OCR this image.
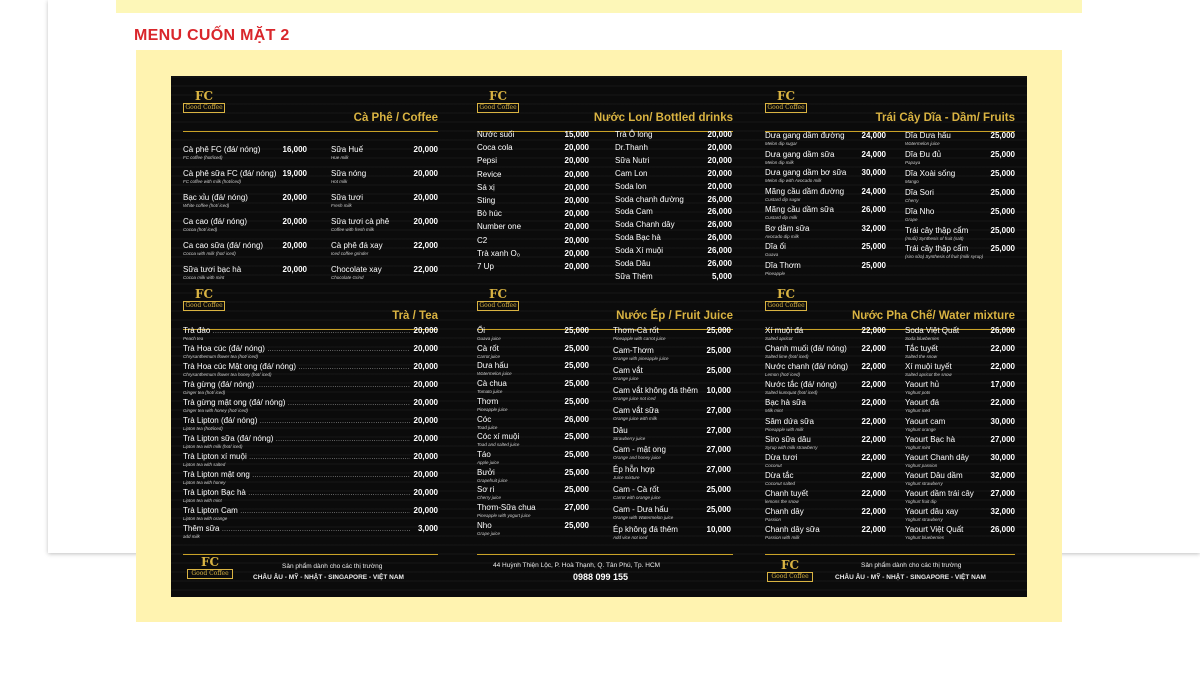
MENU CUỐN MẶT 2
FC
Good Coffee
Cà Phê / Coffee
Cà phê FC (đá/ nóng)	16,000
FC coffee (hot/iced)
Cà phê sữa FC (đá/ nóng) 19,000
FC coffee with milk (hot/iced)
Bạc xỉu (đá/ nóng)	20,000
White coffee (hot/ iced)
Ca cao (đá/ nóng)	20,000
Cocoa (hot/ iced)
Ca cao sữa (đá/ nóng) 20,000
Cocoa with milk (hot/ iced)
Sữa tươi bạc hà	20,000
Cocoa milk with mint
Sữa Huế	20,000
Hue milk
Sữa nóng	20,000
Hot milk
Sữa tươi	20,000
Fresh milk
Sữa tươi cà phê	20,000
Coffee with fresh milk
Cà phê đá xay	22,000
Iced coffee grinder
Chocolate xay	22,000
Chocolate Grind
FC
Good Coffee
Nước Lon/ Bottled drinks
Nước suối	15,000
Coca cola	20,000
Pepsi	20,000
Revice	20,000
Sá xị	20,000
Sting	20,000
Bò húc	20,000
Number one	20,000
C2	20,000
Trà xanh O₀	20,000
7 Up	20,000
Trà Ô long	20,000
Dr.Thanh	20,000
Sữa Nutri	20,000
Cam Lon	20,000
Soda lon	20,000
Soda chanh đường	26,000
Soda Cam	26,000
Soda Chanh dây	26,000
Soda Bạc hà	26,000
Soda Xí muội	26,000
Soda Dâu	26,000
Sữa Thêm	5,000
FC
Good Coffee
Trái Cây Dĩa - Dầm/ Fruits
Dưa gang dầm đường 24,000
Melon dip sugar
Dưa gang dầm sữa	24,000
Melon dip milk
Dưa gang dầm bơ sữa 30,000
Melon dip with Avocado milk
Mãng cầu dầm đường 24,000
Custard dip sugar
Mãng cầu dầm sữa	26,000
Custard dip milk
Bơ dầm sữa	32,000
Avocado dip milk
Dĩa ổi	25,000
Guava
Dĩa Thơm	25,000
Pineapple
Dĩa Dưa hấu	25,000
Watermelon juice
Dĩa Đu đủ	25,000
Papaya
Dĩa Xoài sống	25,000
Mango
Dĩa Sori	25,000
Cherry
Dĩa Nho	25,000
Grape
Trái cây thập cẩm	25,000
(muối) Synthesis of fruit (salt)
Trái cây thập cẩm	25,000
(siro sữa) Synthesis of fruit (milk syrup)
FC
Good Coffee
Trà / Tea
Trà đào .....	20,000
Peach tea
Trà Hoa cúc (đá/ nóng) .....	20,000
Chrysanthemum flower tea (hot/ iced)
Trà Hoa cúc Mật ong (đá/ nóng) .....	20,000
Chrysanthemum flower tea honey (hot/ iced)
Trà gừng (đá/ nóng) .....	20,000
Ginger tea (hot/ iced)
Trà gừng mật ong (đá/ nóng) .....	20,000
Ginger tea with honey (hot/ iced)
Trà Lipton (đá/ nóng) .....	20,000
Lipton tea (hot/iced)
Trà Lipton sữa (đá/ nóng) .....	20,000
Lipton tea with milk (hot/ iced)
Trà Lipton xí muội .....	20,000
Lipton tea with salted
Trà Lipton mật ong .....	20,000
Lipton tea with honey
Trà Lipton Bạc hà .....	20,000
Lipton tea with mint
Trà Lipton Cam .....	20,000
Lipton tea with orange
Thêm sữa .....	3,000
add milk
FC
Good Coffee
Nước Ép / Fruit Juice
Ổi	25,000
Guava juice
Cà rốt	25,000
Carrot juice
Dưa hấu	25,000
Watermelon juice
Cà chua	25,000
Tomato juice
Thơm	25,000
Pineapple juice
Cóc	26,000
Toad juice
Cóc xí muội	25,000
Toad and salted juice
Táo	25,000
Apple juice
Bưởi	25,000
Grapefruit juice
Sơ ri	25,000
Cherry juice
Thơm-Sữa chua	27,000
Pineapple with yogurt juice
Nho	25,000
Grape juice
Thơm-Cà rốt	25,000
Pineapple with carrot juice
Cam-Thơm	25,000
Orange with pineapple juice
Cam vắt	25,000
Orange juice
Cam vắt không đá thêm 10,000
Orange juice not iced
Cam vắt sữa	27,000
Orange juice with milk
Dâu	27,000
Strawberry juice
Cam - mật ong	27,000
Orange and honey juice
Ép hỗn hợp	27,000
Juice mixture
Cam - Cà rốt	25,000
Carrot with orange juice
Cam - Dưa hấu	25,000
Orange with Watermelon juice
Ép không đá thêm	10,000
Add vice not iced
FC
Good Coffee
Nước Pha Chế/ Water mixture
Xí muội đá	22,000
Salted apricot
Chanh muối (đá/ nóng) 22,000
Salted lime (hot/ iced)
Nước chanh (đá/ nóng) 22,000
Lemon (hot/ iced)
Nước tắc (đá/ nóng)	22,000
Salted kumquat (hot/ iced)
Bạc hà sữa	22,000
Milk mint
Sâm dứa sữa	22,000
Pineapple with milk
Siro sữa dâu	22,000
Syrup with milk strawberry
Dừa tươi	22,000
Coconut
Dừa tắc	22,000
Coconut salted
Chanh tuyết	22,000
lemons the snow
Chanh dây	22,000
Passion
Chanh dây sữa	22,000
Passion with milk
Soda Việt Quất	26,000
Soda blueberries
Tắc tuyết	22,000
Salted the snow
Xí muội tuyết	22,000
Salted apricot the snow
Yaourt hủ	17,000
Yoghurt pots
Yaourt đá	22,000
Yoghurt iced
Yaourt cam	30,000
Yoghurt orange
Yaourt Bạc hà	27,000
Yoghurt mint
Yaourt Chanh dây	30,000
Yoghurt passion
Yaourt Dâu dầm	32,000
Yoghurt strawberry
Yaourt dầm trái cây 27,000
Yoghurt fruit dip
Yaourt dâu xay	32,000
Yoghurt strawberry
Yaourt Việt Quất	26,000
Yoghurt blueberries
FC
Good Coffee
Sản phẩm dành cho các thị trường
CHÂU ÂU - MỸ - NHẬT - SINGAPORE - VIỆT NAM
44 Huỳnh Thiện Lộc, P. Hoà Thạnh, Q. Tân Phú, Tp. HCM
0988 099 155
FC
Good Coffee
Sản phẩm dành cho các thị trường
CHÂU ÂU - MỸ - NHẬT - SINGAPORE - VIỆT NAM
